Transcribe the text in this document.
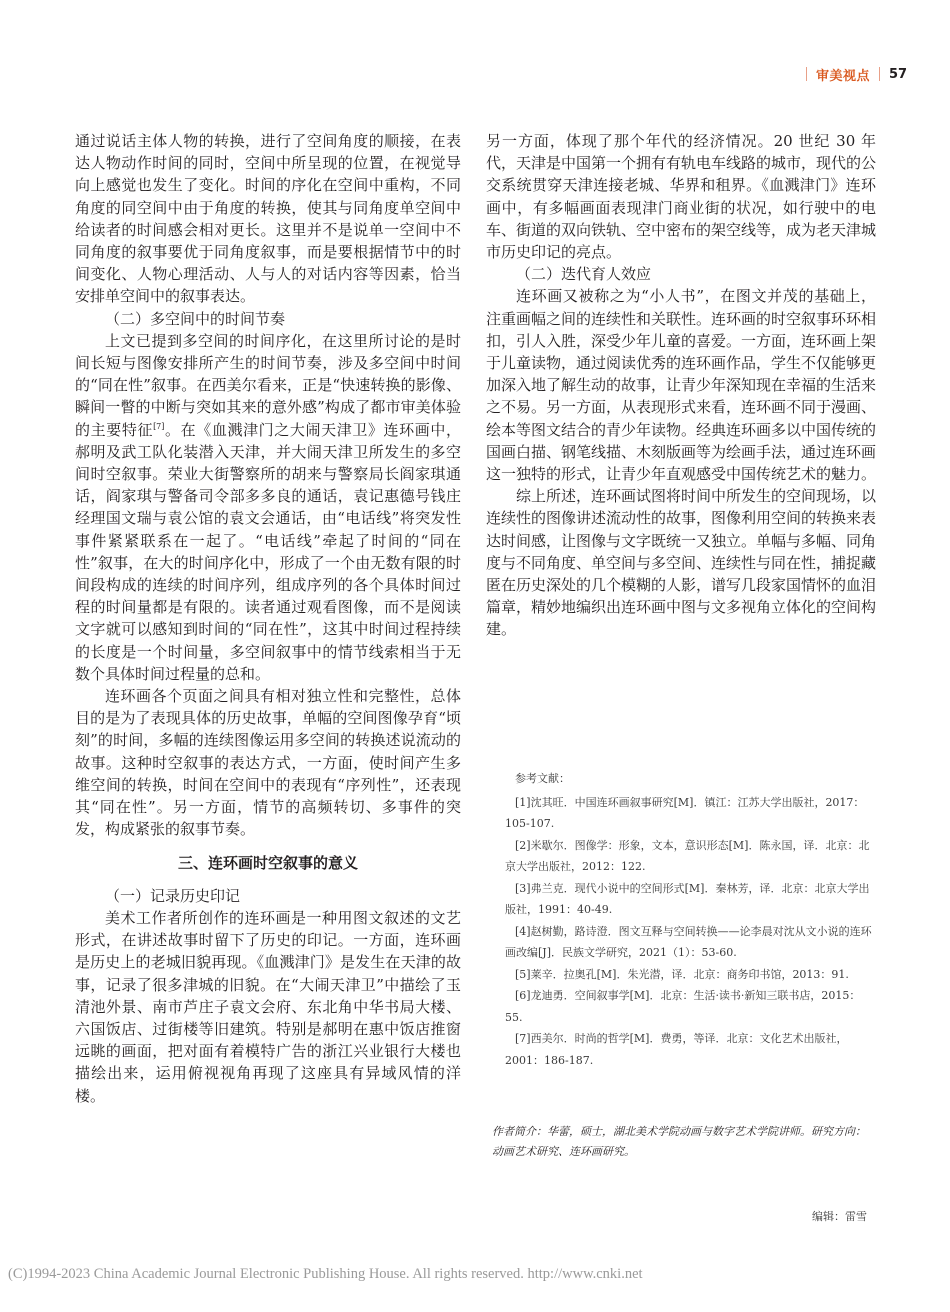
审美视点 57

通过说话主体人物的转换，进行了空间角度的顺接，在表达人物动作时间的同时，空间中所呈现的位置，在视觉导向上感觉也发生了变化。时间的序化在空间中重构，不同角度的同空间中由于角度的转换，使其与同角度单空间中给读者的时间感会相对更长。这里并不是说单一空间中不同角度的叙事要优于同角度叙事，而是要根据情节中的时间变化、人物心理活动、人与人的对话内容等因素，恰当安排单空间中的叙事表达。

（二）多空间中的时间节奏

上文已提到多空间的时间序化，在这里所讨论的是时间长短与图像安排所产生的时间节奏，涉及多空间中时间的“同在性”叙事。在西美尔看来，正是“快速转换的影像、瞬间一瞥的中断与突如其来的意外感”构成了都市审美体验的主要特征[7]。在《血溅津门之大闹天津卫》连环画中，郝明及武工队化装潜入天津，并大闹天津卫所发生的多空间时空叙事。荣业大街警察所的胡来与警察局长阎家琪通话，阎家琪与警备司令部多多良的通话，袁记惠德号钱庄经理国文瑞与袁公馆的袁文会通话，由“电话线”将突发性事件紧紧联系在一起了。“电话线”牵起了时间的“同在性”叙事，在大的时间序化中，形成了一个由无数有限的时间段构成的连续的时间序列，组成序列的各个具体时间过程的时间量都是有限的。读者通过观看图像，而不是阅读文字就可以感知到时间的“同在性”，这其中时间过程持续的长度是一个时间量，多空间叙事中的情节线索相当于无数个具体时间过程量的总和。

连环画各个页面之间具有相对独立性和完整性，总体目的是为了表现具体的历史故事，单幅的空间图像孕育“顷刻”的时间，多幅的连续图像运用多空间的转换述说流动的故事。这种时空叙事的表达方式，一方面，使时间产生多维空间的转换，时间在空间中的表现有“序列性”，还表现其“同在性”。另一方面，情节的高频转切、多事件的突发，构成紧张的叙事节奏。

三、连环画时空叙事的意义
（一）记录历史印记

美术工作者所创作的连环画是一种用图文叙述的文艺形式，在讲述故事时留下了历史的印记。一方面，连环画是历史上的老城旧貌再现。《血溅津门》是发生在天津的故事，记录了很多津城的旧貌。在“大闹天津卫”中描绘了玉清池外景、南市芦庄子袁文会府、东北角中华书局大楼、六国饭店、过街楼等旧建筑。特别是郝明在惠中饭店推窗远眺的画面，把对面有着模特广告的浙江兴业银行大楼也描绘出来，运用俯视视角再现了这座具有异域风情的洋楼。

另一方面，体现了那个年代的经济情况。20 世纪 30 年代，天津是中国第一个拥有有轨电车线路的城市，现代的公交系统贯穿天津连接老城、华界和租界。《血溅津门》连环画中，有多幅画面表现津门商业街的状况，如行驶中的电车、街道的双向铁轨、空中密布的架空线等，成为老天津城市历史印记的亮点。

（二）迭代育人效应

连环画又被称之为“小人书”，在图文并茂的基础上，注重画幅之间的连续性和关联性。连环画的时空叙事环环相扣，引人入胜，深受少年儿童的喜爱。一方面，连环画上架于儿童读物，通过阅读优秀的连环画作品，学生不仅能够更加深入地了解生动的故事，让青少年深知现在幸福的生活来之不易。另一方面，从表现形式来看，连环画不同于漫画、绘本等图文结合的青少年读物。经典连环画多以中国传统的国画白描、钢笔线描、木刻版画等为绘画手法，通过连环画这一独特的形式，让青少年直观感受中国传统艺术的魅力。

综上所述，连环画试图将时间中所发生的空间现场，以连续性的图像讲述流动性的故事，图像利用空间的转换来表达时间感，让图像与文字既统一又独立。单幅与多幅、同角度与不同角度、单空间与多空间、连续性与同在性，捕捉藏匿在历史深处的几个模糊的人影，谱写几段家国情怀的血泪篇章，精妙地编织出连环画中图与文多视角立体化的空间构建。

参考文献：

[1]沈其旺．中国连环画叙事研究[M]．镇江：江苏大学出版社，2017：105-107.

[2]米歇尔．图像学：形象，文本，意识形态[M]．陈永国，译．北京：北京大学出版社，2012：122.

[3]弗兰克．现代小说中的空间形式[M]．秦林芳，译．北京：北京大学出版社，1991：40-49.

[4]赵树勤，路诗澄．图文互释与空间转换——论李晨对沈从文小说的连环画改编[J]．民族文学研究，2021（1）：53-60.

[5]莱辛．拉奥孔[M]．朱光潜，译．北京：商务印书馆，2013：91.

[6]龙迪勇．空间叙事学[M]．北京：生活·读书·新知三联书店，2015：55.

[7]西美尔．时尚的哲学[M]．费勇，等译．北京：文化艺术出版社，2001：186-187.

作者简介：华蕾，硕士，湖北美术学院动画与数字艺术学院讲师。研究方向：动画艺术研究、连环画研究。
编辑：雷雪
(C)1994-2023 China Academic Journal Electronic Publishing House. All rights reserved. http://www.cnki.net
